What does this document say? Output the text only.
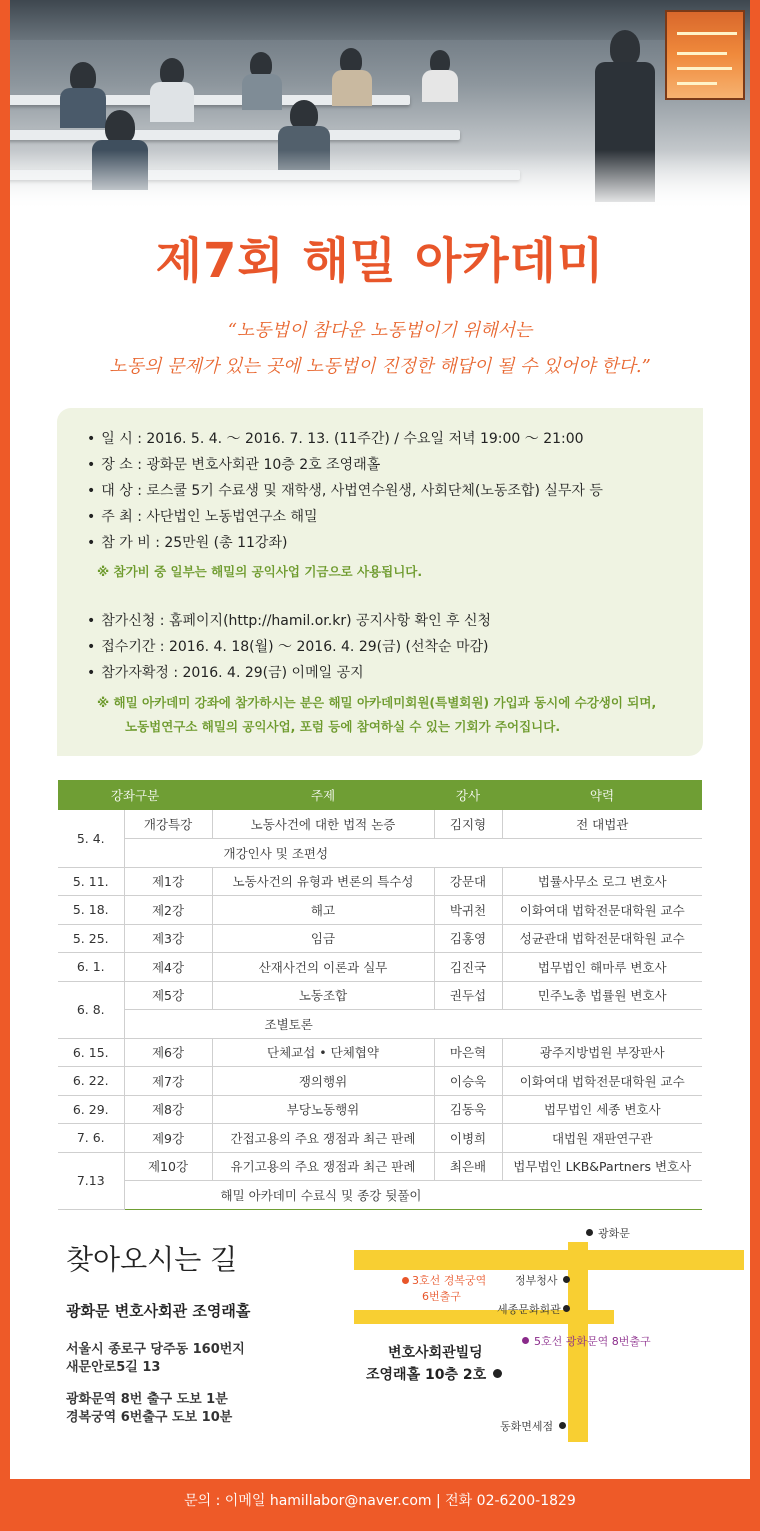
제7회 해밀 아카데미
“노동법이 참다운 노동법이기 위해서는
노동의 문제가 있는 곳에 노동법이 진정한 해답이 될 수 있어야 한다.”
• 일 시 : 2016. 5. 4. ～ 2016. 7. 13. (11주간) / 수요일 저녁 19:00 ～ 21:00
• 장 소 : 광화문 변호사회관 10층 2호 조영래홀
• 대 상 : 로스쿨 5기 수료생 및 재학생, 사법연수원생, 사회단체(노동조합) 실무자 등
• 주 최 : 사단법인 노동법연구소 해밀
• 참 가 비 : 25만원 (총 11강좌)
※ 참가비 중 일부는 해밀의 공익사업 기금으로 사용됩니다.
• 참가신청 : 홈페이지(http://hamil.or.kr) 공지사항 확인 후 신청
• 접수기간 : 2016. 4. 18(월) ～ 2016. 4. 29(금) (선착순 마감)
• 참가자확정 : 2016. 4. 29(금) 이메일 공지
※ 해밀 아카데미 강좌에 참가하시는 분은 해밀 아카데미회원(특별회원) 가입과 동시에 수강생이 되며,
노동법연구소 해밀의 공익사업, 포럼 등에 참여하실 수 있는 기회가 주어집니다.
강좌구분		주제	강사	약력
5. 4.	개강특강	노동사건에 대한 법적 논증	김지형	전 대법관
	개강인사 및 조편성			
5. 11.	제1강	노동사건의 유형과 변론의 특수성	강문대	법률사무소 로그 변호사
5. 18.	제2강	해고	박귀천	이화여대 법학전문대학원 교수
5. 25.	제3강	임금	김홍영	성균관대 법학전문대학원 교수
6. 1.	제4강	산재사건의 이론과 실무	김진국	법무법인 해마루 변호사
6. 8.	제5강	노동조합	권두섭	민주노총 법률원 변호사
	조별토론			
6. 15.	제6강	단체교섭 • 단체협약	마은혁	광주지방법원 부장판사
6. 22.	제7강	쟁의행위	이승욱	이화여대 법학전문대학원 교수
6. 29.	제8강	부당노동행위	김동욱	법무법인 세종 변호사
7. 6.	제9강	간접고용의 주요 쟁점과 최근 판례	이병희	대법원 재판연구관
7.13	제10강	유기고용의 주요 쟁점과 최근 판례	최은배	법무법인 LKB&Partners 변호사
	해밀 아카데미 수료식 및 종강 뒷풀이			
찾아오시는 길
광화문 변호사회관 조영래홀
서울시 종로구 당주동 160번지
새문안로5길 13
광화문역 8번 출구 도보 1분
경복궁역 6번출구 도보 10분
광화문
3호선 경복궁역
6번출구
정부청사
세종문화회관
5호선 광화문역 8번출구
변호사회관빌딩
조영래홀 10층 2호
동화면세점
문의 : 이메일 hamillabor@naver.com | 전화 02-6200-1829
